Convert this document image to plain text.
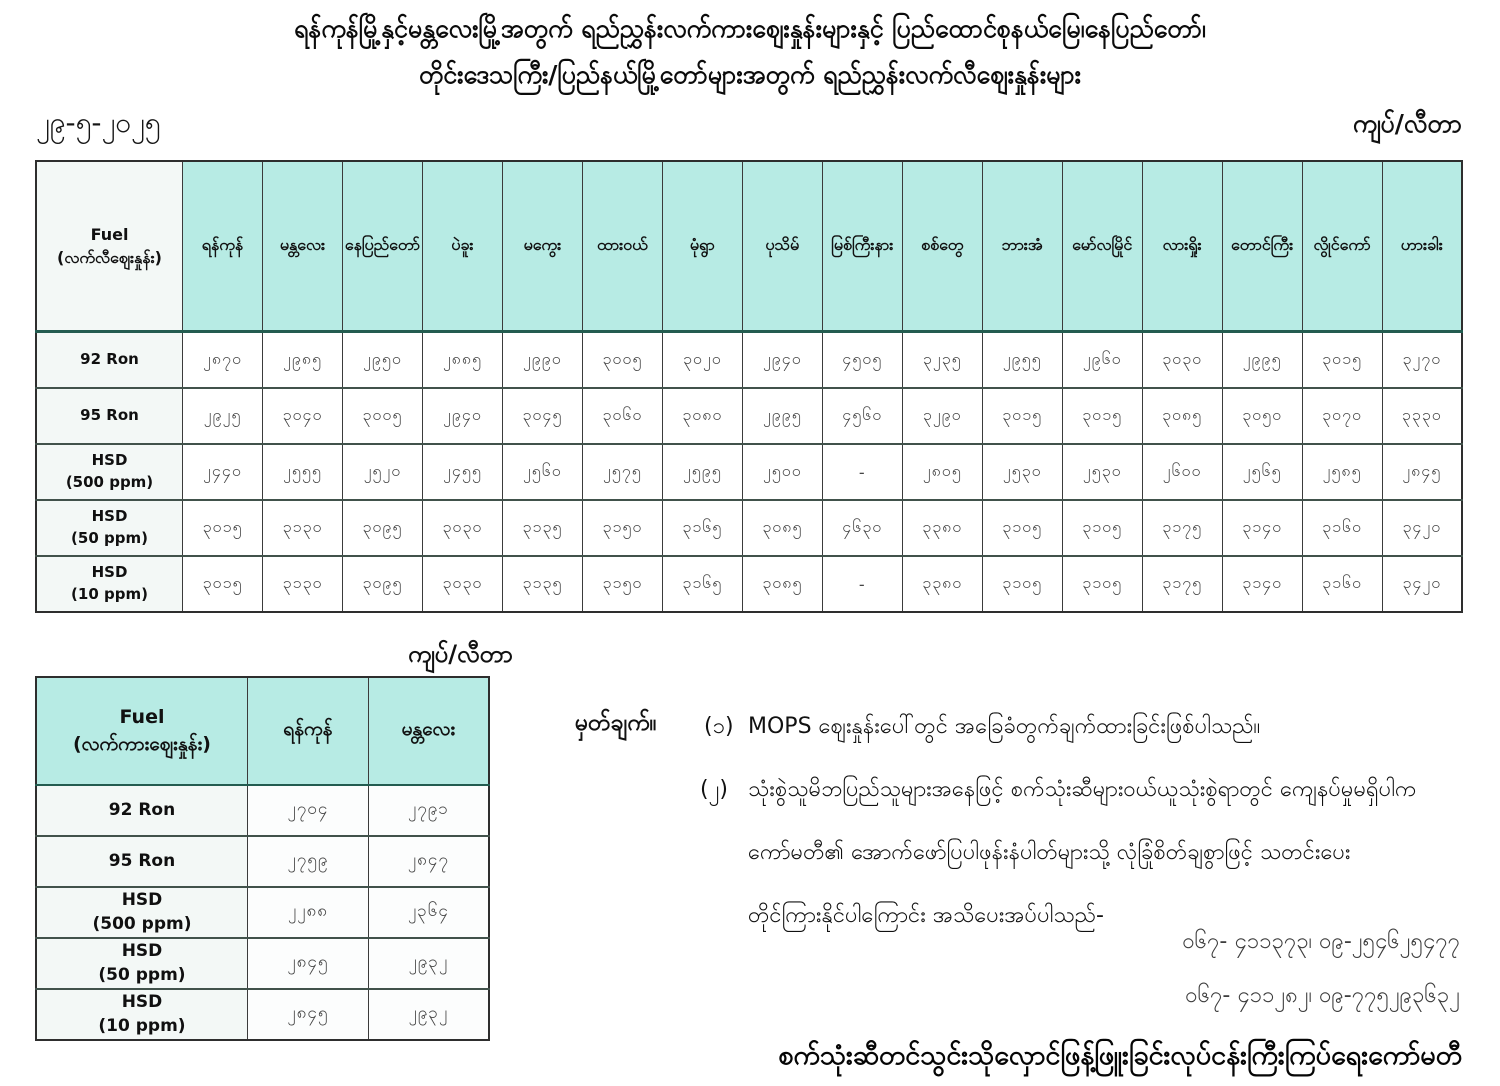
ရန်ကုန်မြို့နှင့်မန္တလေးမြို့အတွက် ရည်ညွှန်းလက်ကားဈေးနှုန်းများနှင့် ပြည်ထောင်စုနယ်မြေ၊နေပြည်တော်၊
တိုင်းဒေသကြီး/ပြည်နယ်မြို့တော်များအတွက် ရည်ညွှန်းလက်လီဈေးနှုန်းများ
၂၉-၅-၂၀၂၅	ကျပ်/လီတာ
Fuel
(လက်လီဈေးနှုန်း)	ရန်ကုန်	မန္တလေး	နေပြည်တော်	ပဲခူး	မကွေး	ထားဝယ်	မုံရွာ	ပုသိမ်	မြစ်ကြီးနား	စစ်တွေ	ဘားအံ	မော်လမြိုင်	လားရှိုး	တောင်ကြီး	လွိုင်ကော်	ဟားခါး

92 Ron	၂၈၇၀	၂၉၈၅	၂၉၅၀	၂၈၈၅	၂၉၉၀	၃၀၀၅	၃၀၂၀	၂၉၄၀	၄၅၀၅	၃၂၃၅	၂၉၅၅	၂၉၆၀	၃၀၃၀	၂၉၉၅	၃၀၁၅	၃၂၇၀

95 Ron	၂၉၂၅	၃၀၄၀	၃၀၀၅	၂၉၄၀	၃၀၄၅	၃၀၆၀	၃၀၈၀	၂၉၉၅	၄၅၆၀	၃၂၉၀	၃၀၁၅	၃၀၁၅	၃၀၈၅	၃၀၅၀	၃၀၇၀	၃၃၃၀

HSD
(500 ppm)	၂၄၄၀	၂၅၅၅	၂၅၂၀	၂၄၅၅	၂၅၆၀	၂၅၇၅	၂၅၉၅	၂၅၀၀	-	၂၈၀၅	၂၅၃၀	၂၅၃၀	၂၆၀၀	၂၅၆၅	၂၅၈၅	၂၈၄၅

HSD
(50 ppm)	၃၀၁၅	၃၁၃၀	၃၀၉၅	၃၀၃၀	၃၁၃၅	၃၁၅၀	၃၁၆၅	၃၀၈၅	၄၆၃၀	၃၃၈၀	၃၁၀၅	၃၁၀၅	၃၁၇၅	၃၁၄၀	၃၁၆၀	၃၄၂၀

HSD
(10 ppm)	၃၀၁၅	၃၁၃၀	၃၀၉၅	၃၀၃၀	၃၁၃၅	၃၁၅၀	၃၁၆၅	၃၀၈၅	-	၃၃၈၀	၃၁၀၅	၃၁၀၅	၃၁၇၅	၃၁၄၀	၃၁၆၀	၃၄၂၀
ကျပ်/လီတာ
Fuel
(လက်ကားဈေးနှုန်း)	ရန်ကုန်	မန္တလေး

92 Ron	၂၇၀၄	၂၇၉၁

95 Ron	၂၇၅၉	၂၈၄၇

HSD
(500 ppm)	၂၂၈၈	၂၃၆၄

HSD
(50 ppm)	၂၈၄၅	၂၉၃၂

HSD
(10 ppm)	၂၈၄၅	၂၉၃၂
မှတ်ချက်။ (၁) MOPS ဈေးနှုန်းပေါ်တွင် အခြေခံတွက်ချက်ထားခြင်းဖြစ်ပါသည်။
(၂) သုံးစွဲသူမိဘပြည်သူများအနေဖြင့် စက်သုံးဆီများဝယ်ယူသုံးစွဲရာတွင် ကျေနပ်မှုမရှိပါက
ကော်မတီ၏ အောက်ဖော်ပြပါဖုန်းနံပါတ်များသို့ လုံခြုံစိတ်ချစွာဖြင့် သတင်းပေး
တိုင်ကြားနိုင်ပါကြောင်း အသိပေးအပ်ပါသည်-
ဝ၆၇- ၄၁၁၃၇၃၊ ဝ၉-၂၅၄၆၂၅၄၇၇
ဝ၆၇- ၄၁၁၂၈၂၊ ဝ၉-၇၇၅၂၉၃၆၃၂
စက်သုံးဆီတင်သွင်းသိုလှောင်ဖြန့်ဖြူးခြင်းလုပ်ငန်းကြီးကြပ်ရေးကော်မတီ
